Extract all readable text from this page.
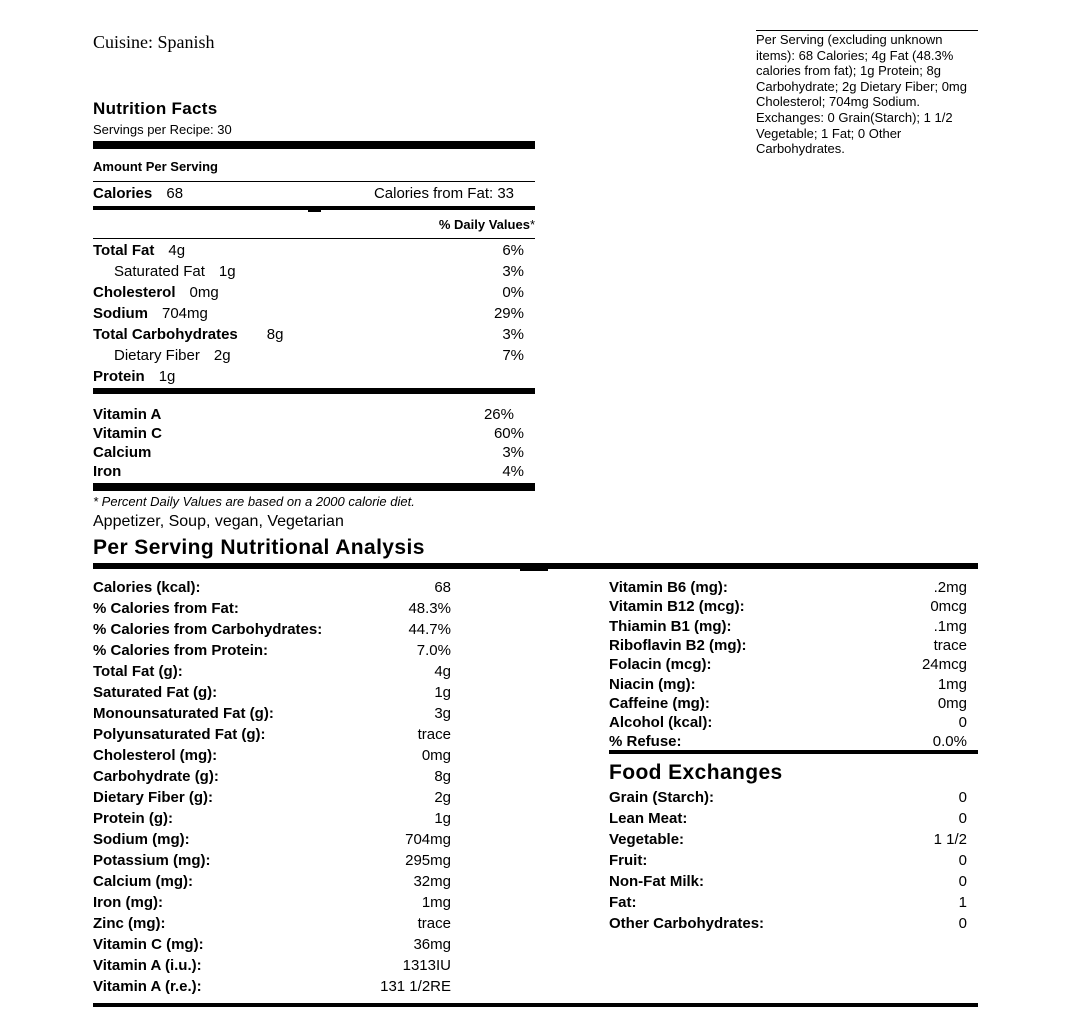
Cuisine: Spanish	Per Serving (excluding unknown items): 68 Calories; 4g Fat (48.3% calories from fat); 1g Protein; 8g Carbohydrate; 2g Dietary Fiber; 0mg Cholesterol; 704mg Sodium. Exchanges: 0 Grain(Starch); 1 1/2 Vegetable; 1 Fat; 0 Other Carbohydrates.
Nutrition Facts
Servings per Recipe: 30
Amount Per Serving
Calories 68	Calories from Fat: 33
% Daily Values*
Total Fat 4g	6%
Saturated Fat 1g	3%
Cholesterol 0mg	0%
Sodium 704mg	29%
Total Carbohydrates 8g	3%
Dietary Fiber 2g	7%
Protein 1g
Vitamin A	26%
Vitamin C	60%
Calcium	3%
Iron	4%
* Percent Daily Values are based on a 2000 calorie diet.
Appetizer, Soup, vegan, Vegetarian
Per Serving Nutritional Analysis
Calories (kcal):	68
% Calories from Fat:	48.3%
% Calories from Carbohydrates:	44.7%
% Calories from Protein:	7.0%
Total Fat (g):	4g
Saturated Fat (g):	1g
Monounsaturated Fat (g):	3g
Polyunsaturated Fat (g):	trace
Cholesterol (mg):	0mg
Carbohydrate (g):	8g
Dietary Fiber (g):	2g
Protein (g):	1g
Sodium (mg):	704mg
Potassium (mg):	295mg
Calcium (mg):	32mg
Iron (mg):	1mg
Zinc (mg):	trace
Vitamin C (mg):	36mg
Vitamin A (i.u.):	1313IU
Vitamin A (r.e.):	131 1/2RE
Vitamin B6 (mg):	.2mg
Vitamin B12 (mcg):	0mcg
Thiamin B1 (mg):	.1mg
Riboflavin B2 (mg):	trace
Folacin (mcg):	24mcg
Niacin (mg):	1mg
Caffeine (mg):	0mg
Alcohol (kcal):	0
% Refuse:	0.0%
Food Exchanges
Grain (Starch):	0
Lean Meat:	0
Vegetable:	1 1/2
Fruit:	0
Non-Fat Milk:	0
Fat:	1
Other Carbohydrates:	0
